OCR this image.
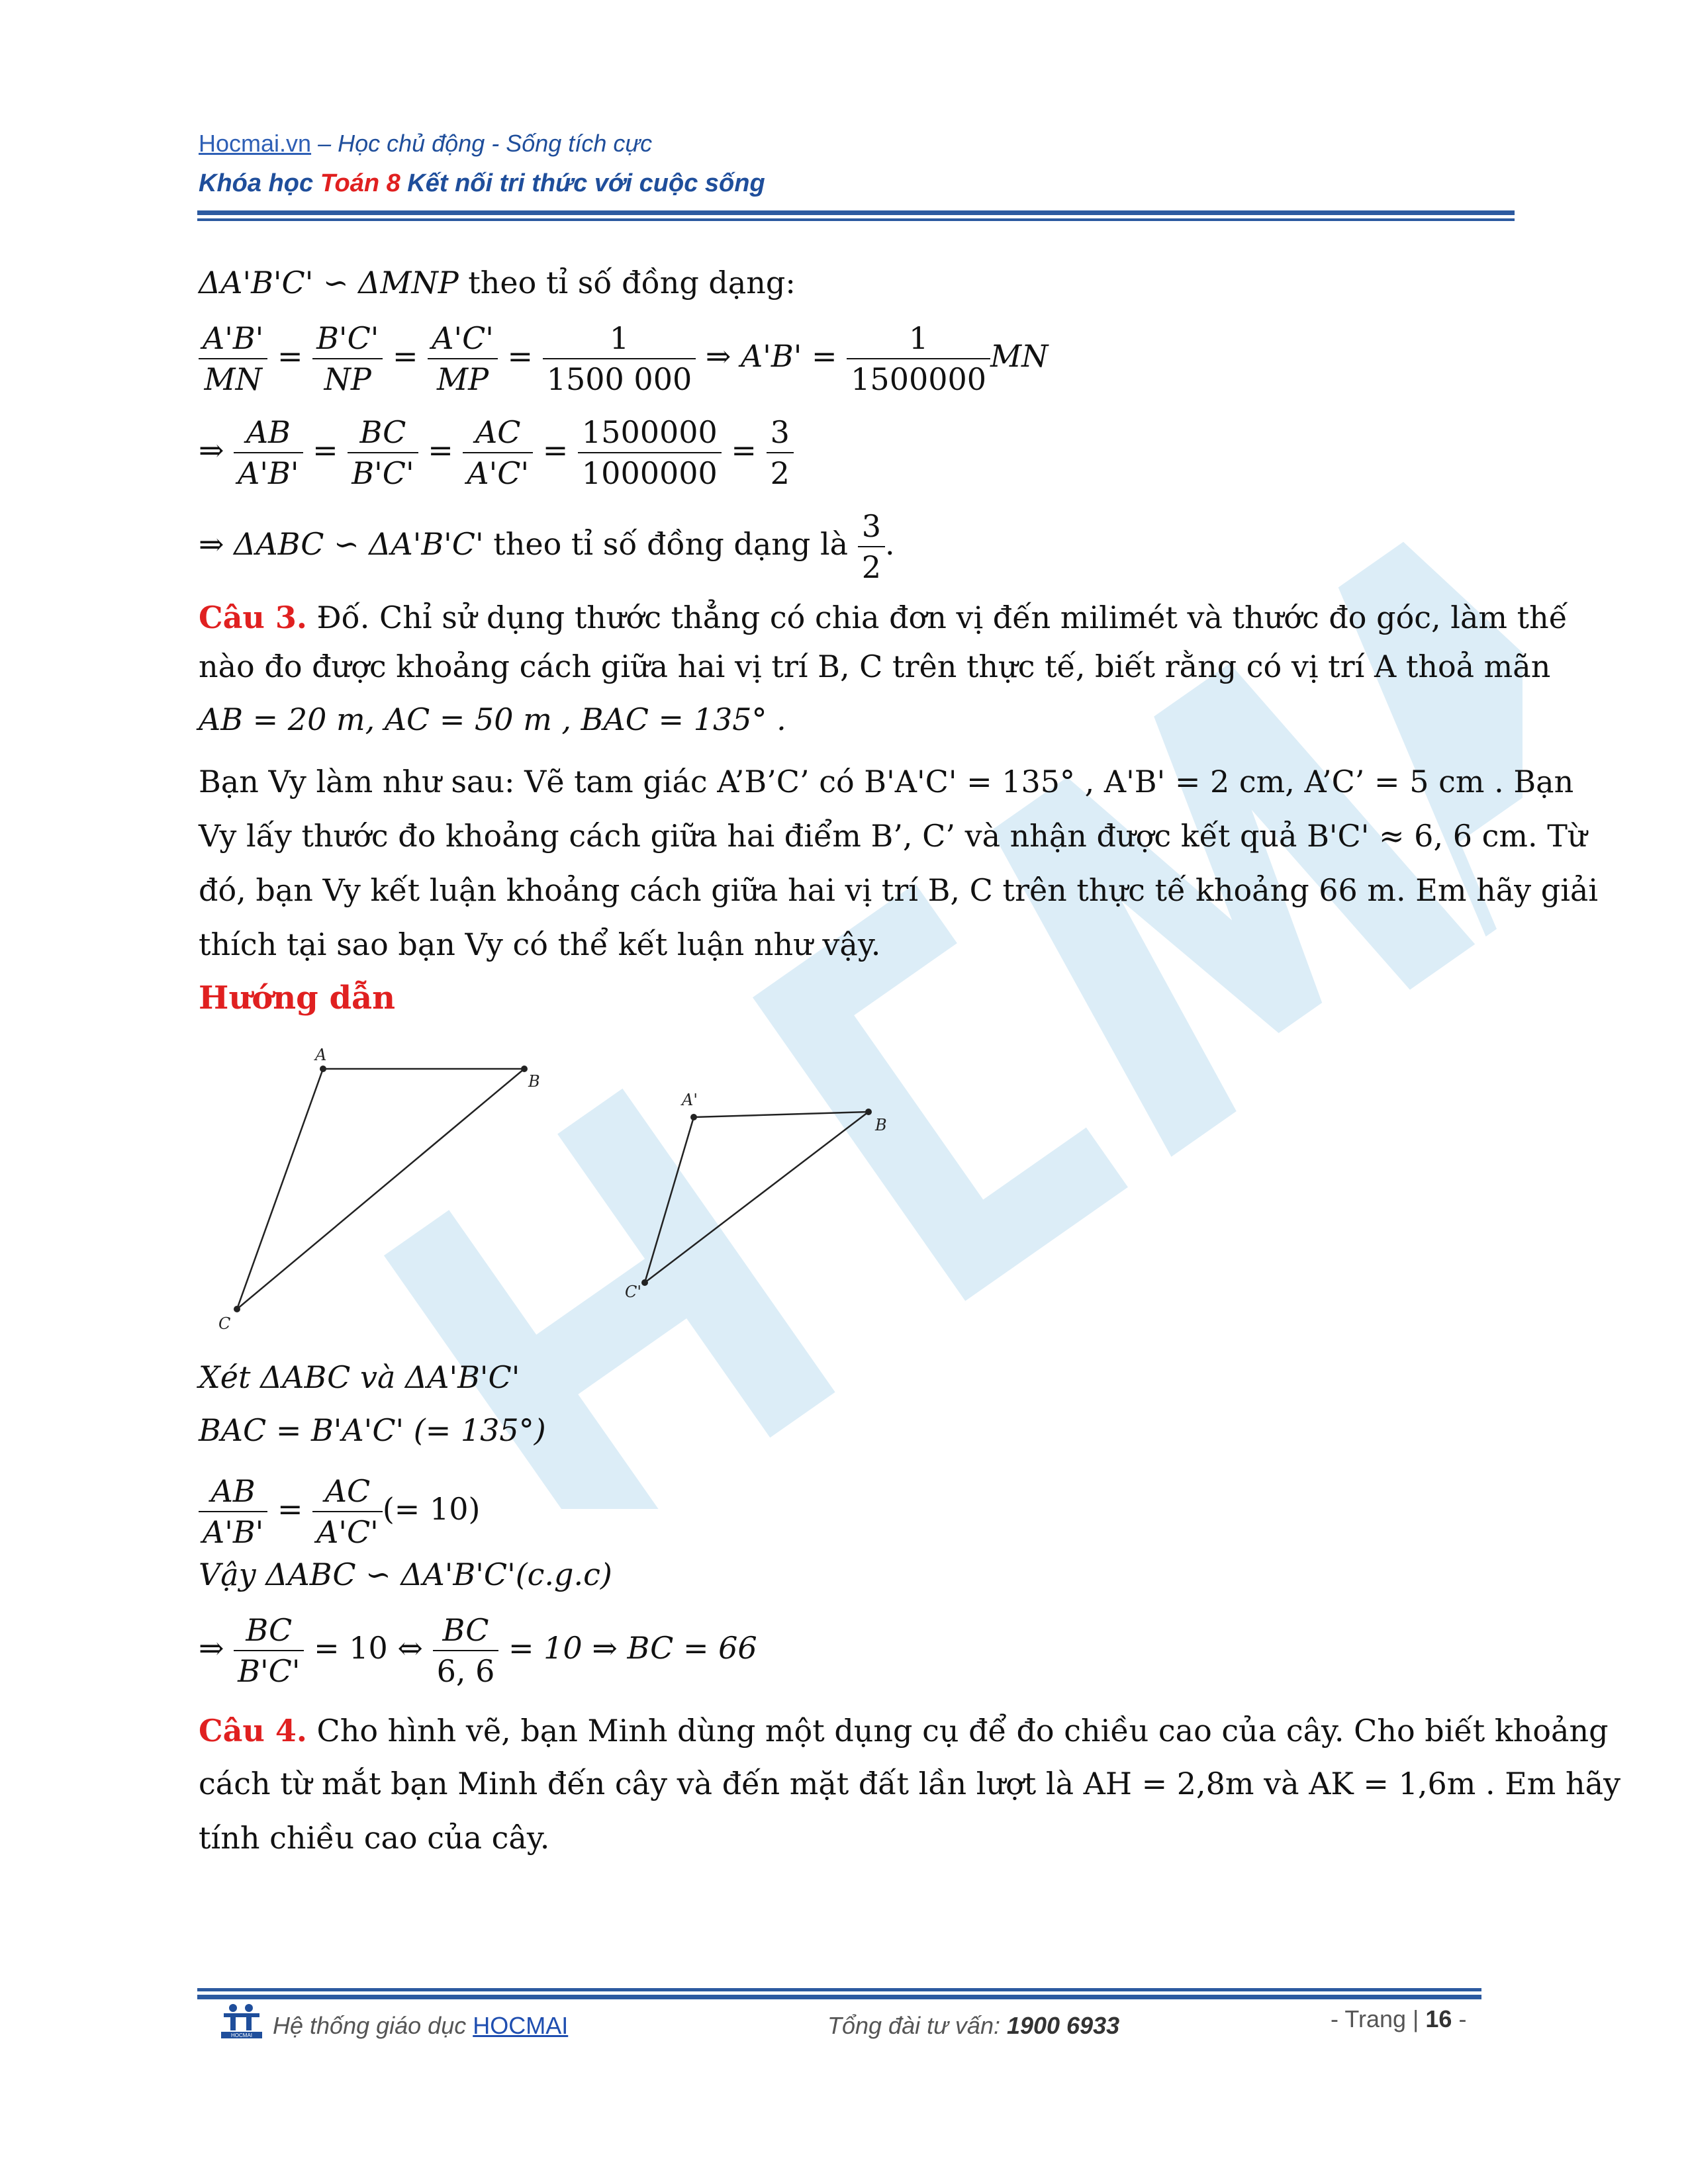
Hocmai.vn – Học chủ động - Sống tích cực
Khóa học Toán 8 Kết nối tri thức với cuộc sống
ΔA'B'C' ∽ ΔMNP theo tỉ số đồng dạng:
$\frac{A'B'}{MN} = \frac{B'C'}{NP} = \frac{A'C'}{MP} = \frac{1}{1500 000}$ ⇒ $A'B' = \frac{1}{1500000}$ MN
⇒ $\frac{AB}{A'B'} = \frac{BC}{B'C'} = \frac{AC}{A'C'} = \frac{1500000}{1000000} = \frac{3}{2}$
⇒ ΔABC ∽ ΔA'B'C' theo tỉ số đồng dạng là $\frac{3}{2}$ .
Câu 3. Đố. Chỉ sử dụng thước thẳng có chia đơn vị đến milimét và thước đo góc, làm thế
nào đo được khoảng cách giữa hai vị trí B, C trên thực tế, biết rằng có vị trí A thoả mãn
AB = 20 m, AC = 50 m , BAC = 135° .
Bạn Vy làm như sau: Vẽ tam giác A’B’C’ có B'A'C' = 135° , A'B' = 2 cm, A’C’ = 5 cm . Bạn
Vy lấy thước đo khoảng cách giữa hai điểm B’, C’ và nhận được kết quả B'C' ≈ 6, 6 cm. Từ
đó, bạn Vy kết luận khoảng cách giữa hai vị trí B, C trên thực tế khoảng 66 m. Em hãy giải
thích tại sao bạn Vy có thể kết luận như vậy.
Hướng dẫn
A
B
C
A'
B
C'
Xét ΔABC và ΔA'B'C'
BAC = B'A'C' (= 135°)
$\frac{AB}{A'B'} = \frac{AC}{A'C'}$ (= 10)
Vậy ΔABC ∽ ΔA'B'C'(c.g.c)
⇒ $\frac{BC}{B'C'} = 10$ ⇔ $\frac{BC}{6, 6} = 10$ ⇒ BC = 66
Câu 4. Cho hình vẽ, bạn Minh dùng một dụng cụ để đo chiều cao của cây. Cho biết khoảng
cách từ mắt bạn Minh đến cây và đến mặt đất lần lượt là AH = 2,8m và AK = 1,6m . Em hãy
tính chiều cao của cây.
HOCMAI Hệ thống giáo dục HOCMAI	Tổng đài tư vấn: 1900 6933	- Trang | 16 -
